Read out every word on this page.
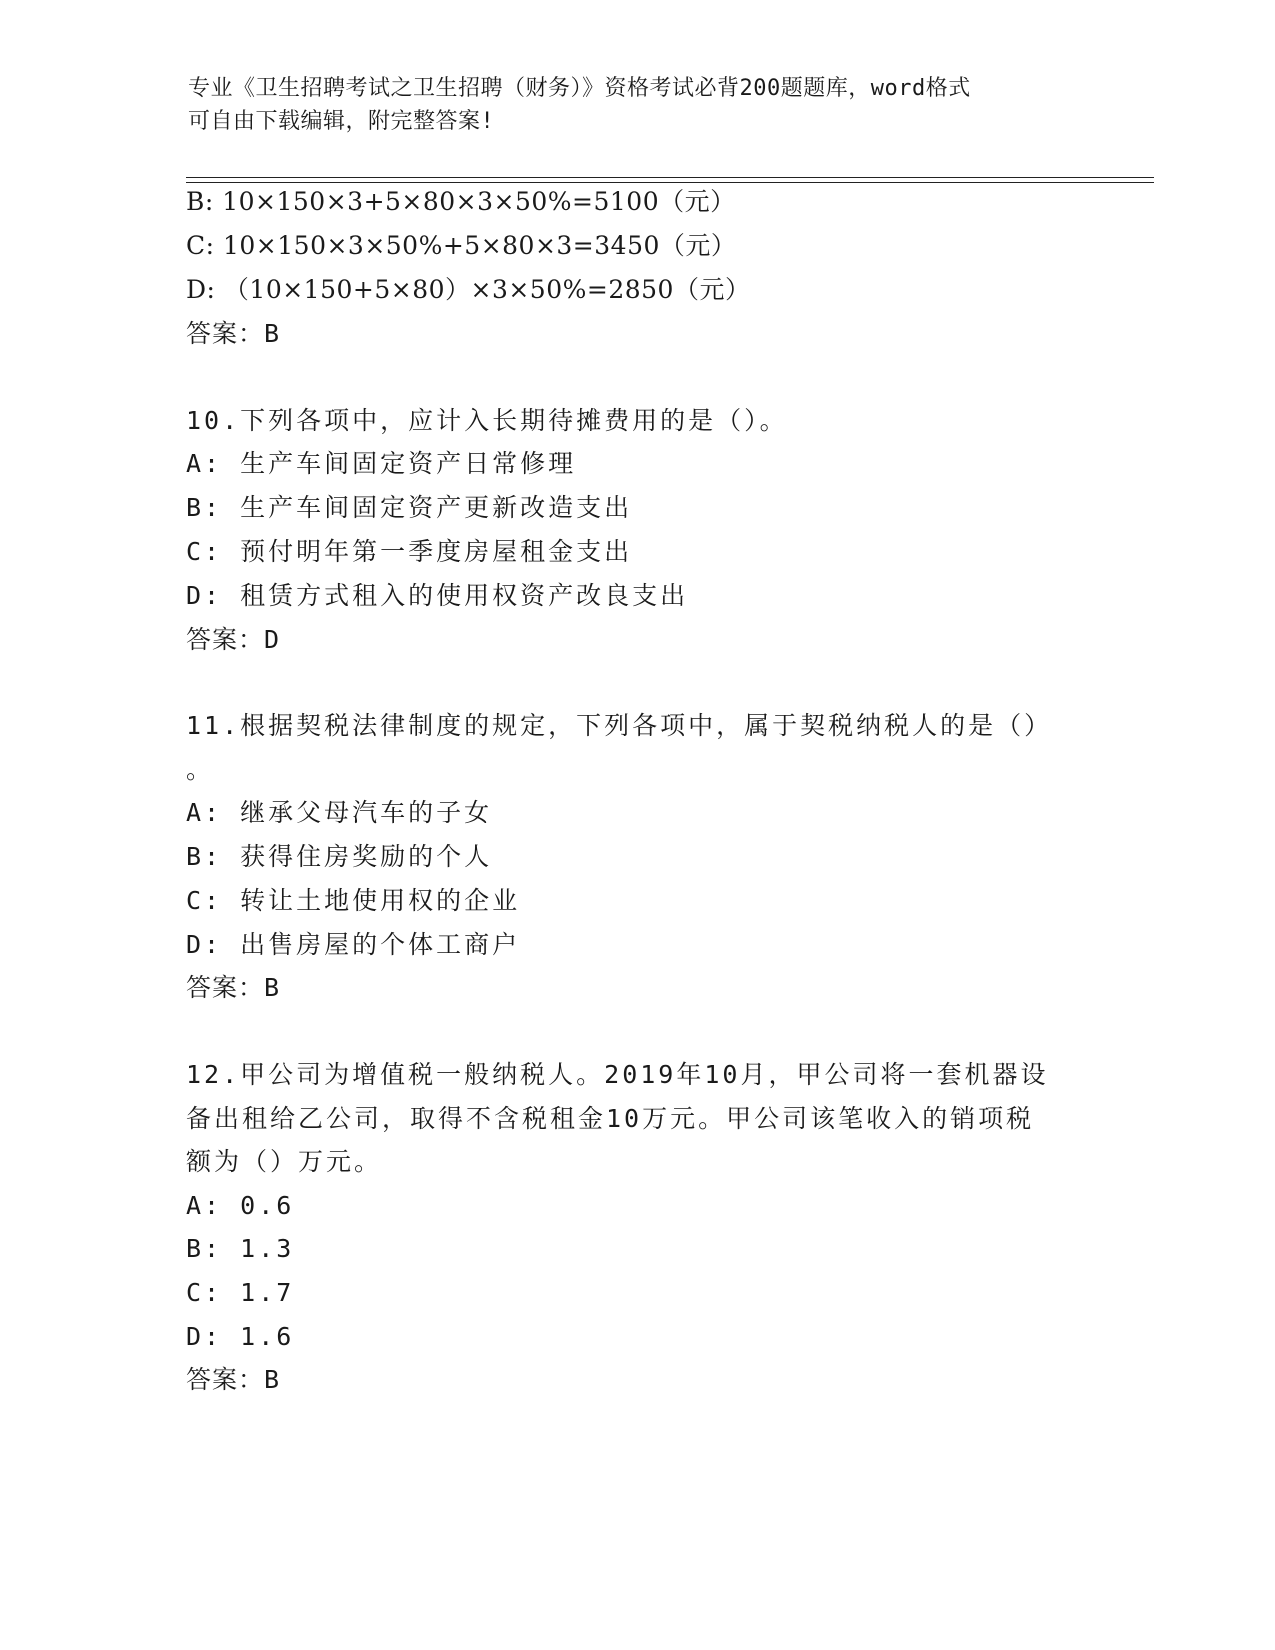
专业《卫生招聘考试之卫生招聘（财务）》资格考试必背200题题库，word格式
可自由下载编辑，附完整答案!
B: 10×150×3+5×80×3×50%=5100（元）
C: 10×150×3×50%+5×80×3=3450（元）
D: （10×150+5×80）×3×50%=2850（元）
答案：B
10.下列各项中，应计入长期待摊费用的是（）。
A: 生产车间固定资产日常修理
B: 生产车间固定资产更新改造支出
C: 预付明年第一季度房屋租金支出
D: 租赁方式租入的使用权资产改良支出
答案：D
11.根据契税法律制度的规定，下列各项中，属于契税纳税人的是（）
。
A: 继承父母汽车的子女
B: 获得住房奖励的个人
C: 转让土地使用权的企业
D: 出售房屋的个体工商户
答案：B
12.甲公司为增值税一般纳税人。2019年10月，甲公司将一套机器设
备出租给乙公司，取得不含税租金10万元。甲公司该笔收入的销项税
额为（）万元。
A: 0.6
B: 1.3
C: 1.7
D: 1.6
答案：B
